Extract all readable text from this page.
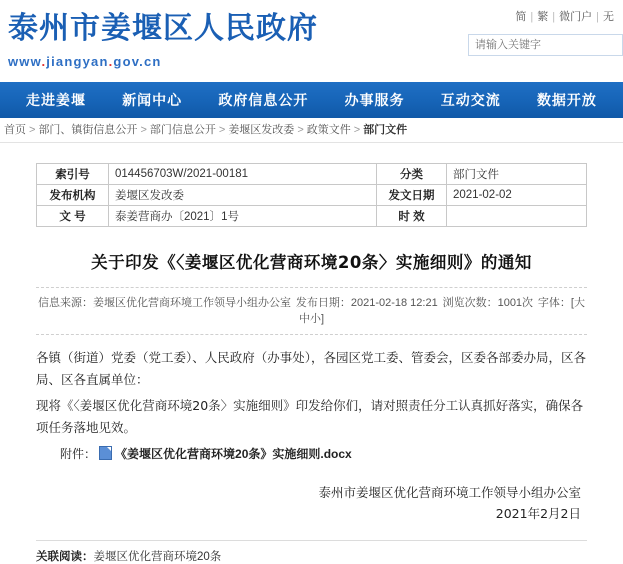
泰州市姜堰区人民政府
www.jiangyan.gov.cn
简 | 繁 | 微门户 | 无
请输入关键字
走进姜堰	新闻中心	政府信息公开	办事服务	互动交流	数据开放
首页 > 部门、镇街信息公开 > 部门信息公开 > 姜堰区发改委 > 政策文件 > 部门文件
索引号	014456703W/2021-00181	分类	部门文件
发布机构	姜堰区发改委	发文日期	2021-02-02
文 号	泰姜营商办〔2021〕1号	时 效	
关于印发《〈姜堰区优化营商环境20条〉实施细则》的通知
信息来源：姜堰区优化营商环境工作领导小组办公室 发布日期：2021-02-18 12:21 浏览次数：1001次 字体：[大
中小]

各镇（街道）党委（党工委）、人民政府（办事处），各园区党工委、管委会，区委各部委办局，区各局、区各直属单位：

现将《〈姜堰区优化营商环境20条〉实施细则》印发给你们，请对照责任分工认真抓好落实，确保各项任务落地见效。

附件： 《姜堰区优化营商环境20条》实施细则.docx
泰州市姜堰区优化营商环境工作领导小组办公室
2021年2月2日
关联阅读：姜堰区优化营商环境20条
